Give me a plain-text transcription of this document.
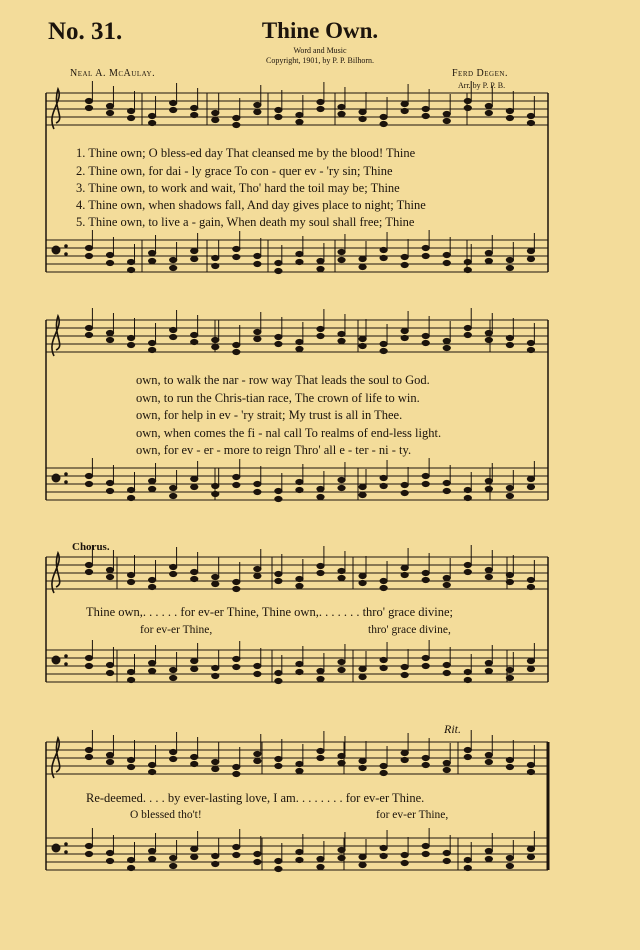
No. 31.	Thine Own.
Word and Music
Copyright, 1901, by P. P. Bilhorn.
Neal A. McAulay.	Ferd Degen.
Arr. by P. P. B.
1. Thine own; O bless-ed day That cleansed me by the blood! Thine
2. Thine own, for dai - ly grace To con - quer ev - 'ry sin; Thine
3. Thine own, to work and wait, Tho' hard the toil may be; Thine
4. Thine own, when shadows fall, And day gives place to night; Thine
5. Thine own, to live a - gain, When death my soul shall free; Thine
own, to walk the nar - row way That leads the soul to God.
own, to run the Chris-tian race, The crown of life to win.
own, for help in ev - 'ry strait; My trust is all in Thee.
own, when comes the fi - nal call To realms of end-less light.
own, for ev - er - more to reign Thro' all e - ter - ni - ty.
Chorus.
Thine own,. . . . . . for ev-er Thine, Thine own,. . . . . . . thro' grace divine;
for ev-er Thine,	thro' grace divine,
Rit.
Re-deemed. . . . by ever-lasting love, I am. . . . . . . . for ev-er Thine.
O blessed tho't!	for ev-er Thine,
